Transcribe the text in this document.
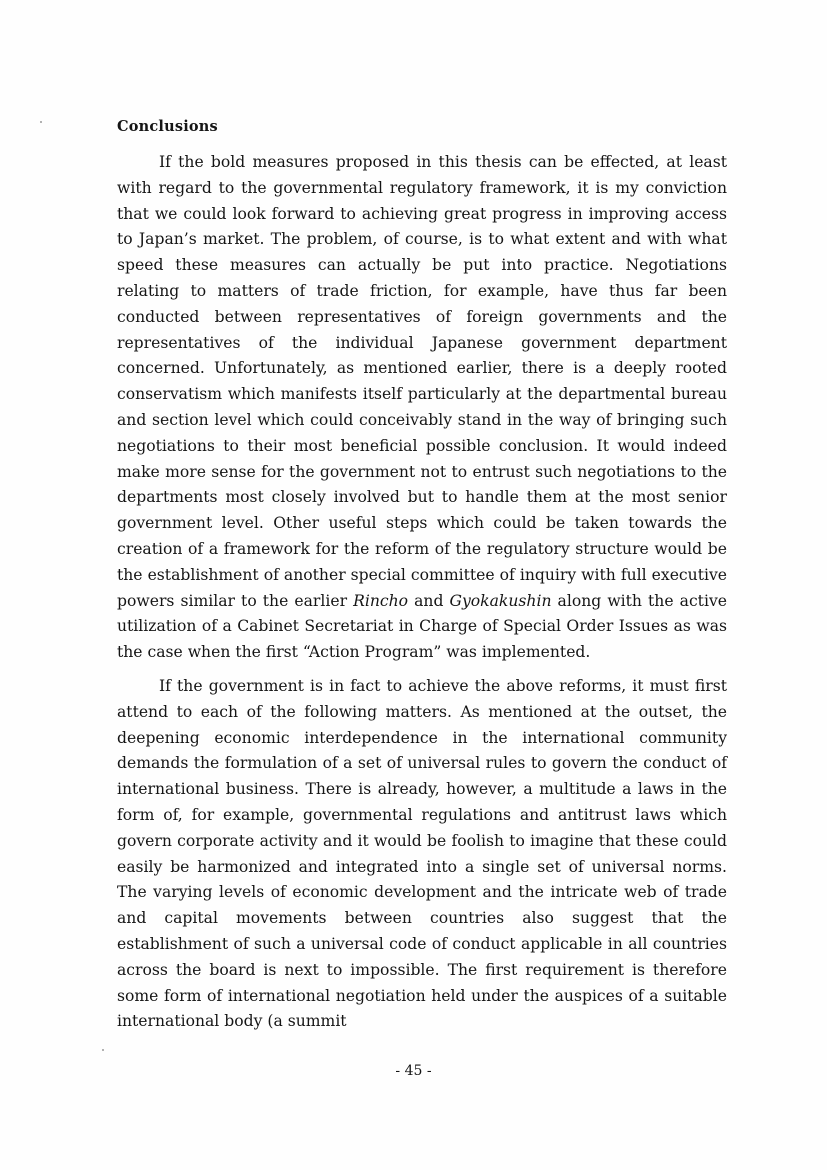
Conclusions

If the bold measures proposed in this thesis can be effected, at least with regard to the governmental regulatory framework, it is my conviction that we could look forward to achieving great progress in improving access to Japan’s market. The problem, of course, is to what extent and with what speed these measures can actually be put into practice. Negotiations relating to matters of trade friction, for example, have thus far been conducted between representatives of foreign governments and the representatives of the individual Japanese government department concerned. Unfortunately, as mentioned earlier, there is a deeply rooted conservatism which manifests itself particularly at the departmental bureau and section level which could conceivably stand in the way of bringing such negotiations to their most beneficial possible conclusion. It would indeed make more sense for the government not to entrust such negotiations to the departments most closely involved but to handle them at the most senior government level. Other useful steps which could be taken towards the creation of a framework for the reform of the regulatory structure would be the establishment of another special committee of inquiry with full executive powers similar to the earlier Rincho and Gyokakushin along with the active utilization of a Cabinet Secretariat in Charge of Special Order Issues as was the case when the first “Action Program” was implemented.

If the government is in fact to achieve the above reforms, it must first attend to each of the following matters. As mentioned at the outset, the deepening economic interdependence in the international community demands the formulation of a set of universal rules to govern the conduct of international business. There is already, however, a multitude a laws in the form of, for example, governmental regulations and antitrust laws which govern corporate activity and it would be foolish to imagine that these could easily be harmonized and integrated into a single set of universal norms. The varying levels of economic development and the intricate web of trade and capital movements between countries also suggest that the establishment of such a universal code of conduct applicable in all countries across the board is next to impossible. The first requirement is therefore some form of international negotiation held under the auspices of a suitable international body (a summit

- 45 -
